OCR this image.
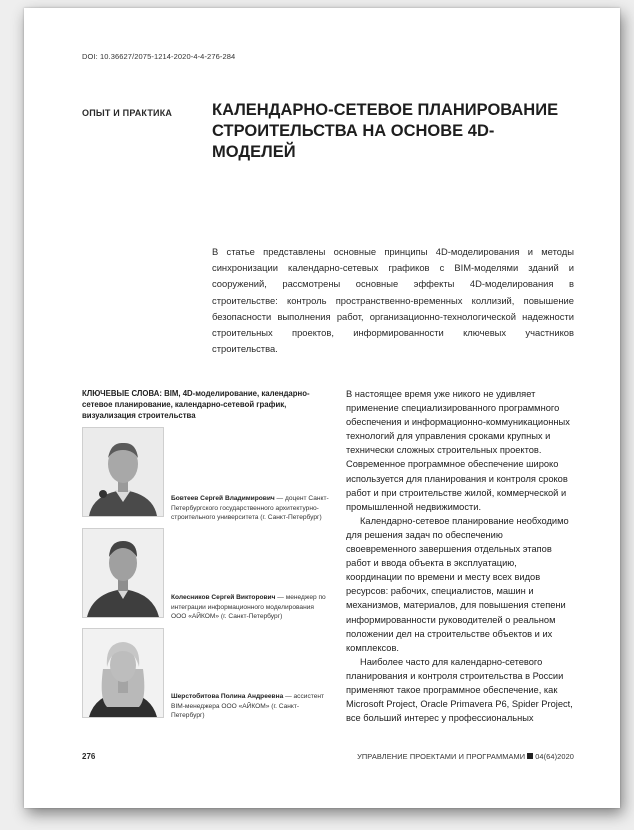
DOI: 10.36627/2075-1214-2020-4-4-276-284
ОПЫТ И ПРАКТИКА КАЛЕНДАРНО-СЕТЕВОЕ ПЛАНИРОВАНИЕ
СТРОИТЕЛЬСТВА НА ОСНОВЕ 4D-МОДЕЛЕЙ
В статье представлены основные принципы 4D-моделирования и методы синхронизации календарно-сетевых графиков с BIM-моделями зданий и сооружений, рассмотрены основные эффекты 4D-моделирования в строительстве: контроль пространственно-временных коллизий, повышение безопасности выполнения работ, организационно-технологической надежности строительных проектов, информированности ключевых участников строительства.
КЛЮЧЕВЫЕ СЛОВА: BIM, 4D-моделирование, календарно-сетевое планирование, календарно-сетевой график, визуализация строительства
Бовтеев Сергей Владимирович — доцент Санкт-Петербургского государственного архитектурно-строительного университета (г. Санкт-Петербург)
Колесников Сергей Викторович — менеджер по интеграции информационного моделирования ООО «АЙКОМ» (г. Санкт-Петербург)
Шерстобитова Полина Андреевна — ассистент BIM-менеджера ООО «АЙКОМ» (г. Санкт-Петербург)

В настоящее время уже никого не удивляет применение специализированного программного обеспечения и информационно-коммуникационных технологий для управления сроками крупных и технически сложных строительных проектов. Современное программное обеспечение широко используется для планирования и контроля сроков работ и при строительстве жилой, коммерческой и промышленной недвижимости.

Календарно-сетевое планирование необходимо для решения задач по обеспечению своевременного завершения отдельных этапов работ и ввода объекта в эксплуатацию, координации по времени и месту всех видов ресурсов: рабочих, специалистов, машин и механизмов, материалов, для повышения степени информированности руководителей о реальном положении дел на строительстве объектов и их комплексов.

Наиболее часто для календарно-сетевого планирования и контроля строительства в России применяют такое программное обеспечение, как Microsoft Project, Oracle Primavera P6, Spider Project, все больший интерес у профессиональных

276	УПРАВЛЕНИЕ ПРОЕКТАМИ И ПРОГРАММАМИ 04(64)2020
